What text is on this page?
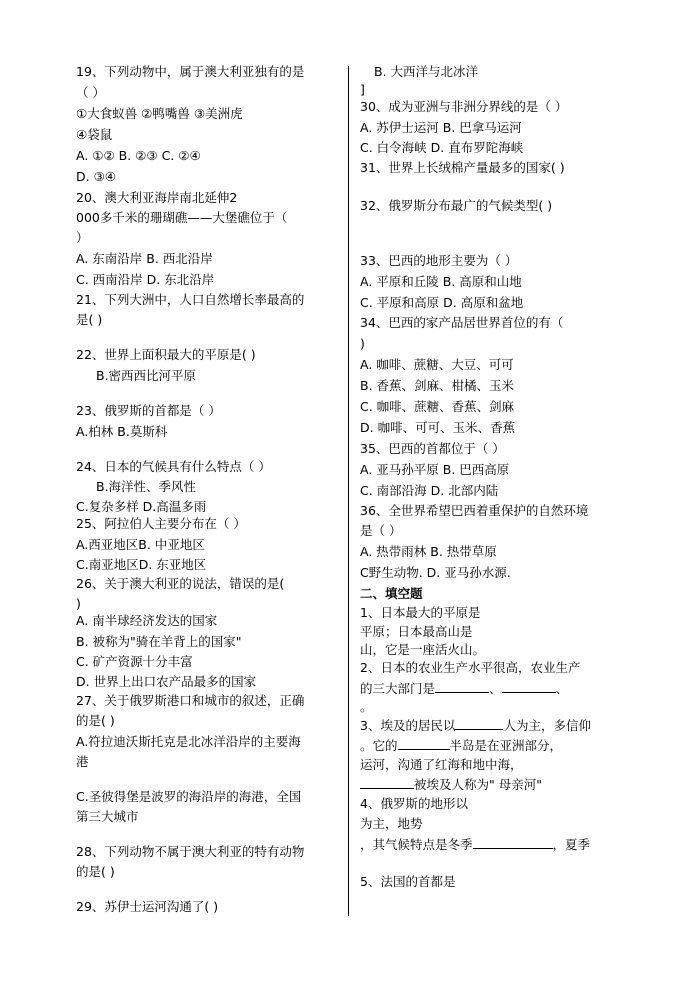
19、下列动物中，属于澳大利亚独有的是
（ ）
①大食蚁兽 ②鸭嘴兽 ③美洲虎
④袋鼠
A. ①② B. ②③ C. ②④
D. ③④
20、澳大利亚海岸南北延伸2
000多千米的珊瑚礁——大堡礁位于（
）
A. 东南沿岸 B. 西北沿岸
C. 西南沿岸 D. 东北沿岸
21、下列大洲中，人口自然增长率最高的
是( )
22、世界上面积最大的平原是( )
B.密西西比河平原
23、俄罗斯的首都是（ ）
A.柏林 B.莫斯科
24、日本的气候具有什么特点（ ）
B.海洋性、季风性
C.复杂多样 D.高温多雨
25、阿拉伯人主要分布在（ ）
A.西亚地区B. 中亚地区
C.南亚地区D. 东亚地区
26、关于澳大利亚的说法，错误的是(
)
A. 南半球经济发达的国家
B. 被称为"骑在羊背上的国家"
C. 矿产资源十分丰富
D. 世界上出口农产品最多的国家
27、关于俄罗斯港口和城市的叙述，正确
的是( )
A.符拉迪沃斯托克是北冰洋沿岸的主要海
港
C.圣彼得堡是波罗的海沿岸的海港，全国
第三大城市
28、下列动物不属于澳大利亚的特有动物
的是( )
29、苏伊士运河沟通了( )
B. 大西洋与北冰洋
]
30、成为亚洲与非洲分界线的是（ ）
A. 苏伊士运河 B. 巴拿马运河
C. 白令海峡 D. 直布罗陀海峡
31、世界上长绒棉产量最多的国家( )
32、俄罗斯分布最广的气候类型( )
33、巴西的地形主要为（ ）
A. 平原和丘陵 B. 高原和山地
C. 平原和高原 D. 高原和盆地
34、巴西的家产品居世界首位的有（
)
A. 咖啡、蔗糖、大豆、可可
B. 香蕉、剑麻、柑橘、玉米
C. 咖啡、蔗糖、香蕉、剑麻
D. 咖啡、可可、玉米、香蕉
35、巴西的首都位于（ ）
A. 亚马孙平原 B. 巴西高原
C. 南部沿海 D. 北部内陆
36、全世界希望巴西着重保护的自然环境
是（ ）
A. 热带雨林 B. 热带草原
C野生动物. D. 亚马孙水源.
二、填空题
1、日本最大的平原是
平原；日本最高山是
山，它是一座活火山。
2、日本的农业生产水平很高，农业生产
的三大部门是	、	、
。
3、埃及的居民以	人为主，多信仰
。它的	半岛是在亚洲部分，
运河，沟通了红海和地中海，
被埃及人称为" 母亲河"
4、俄罗斯的地形以
为主，地势
，其气候特点是冬季	，夏季
5、法国的首都是
